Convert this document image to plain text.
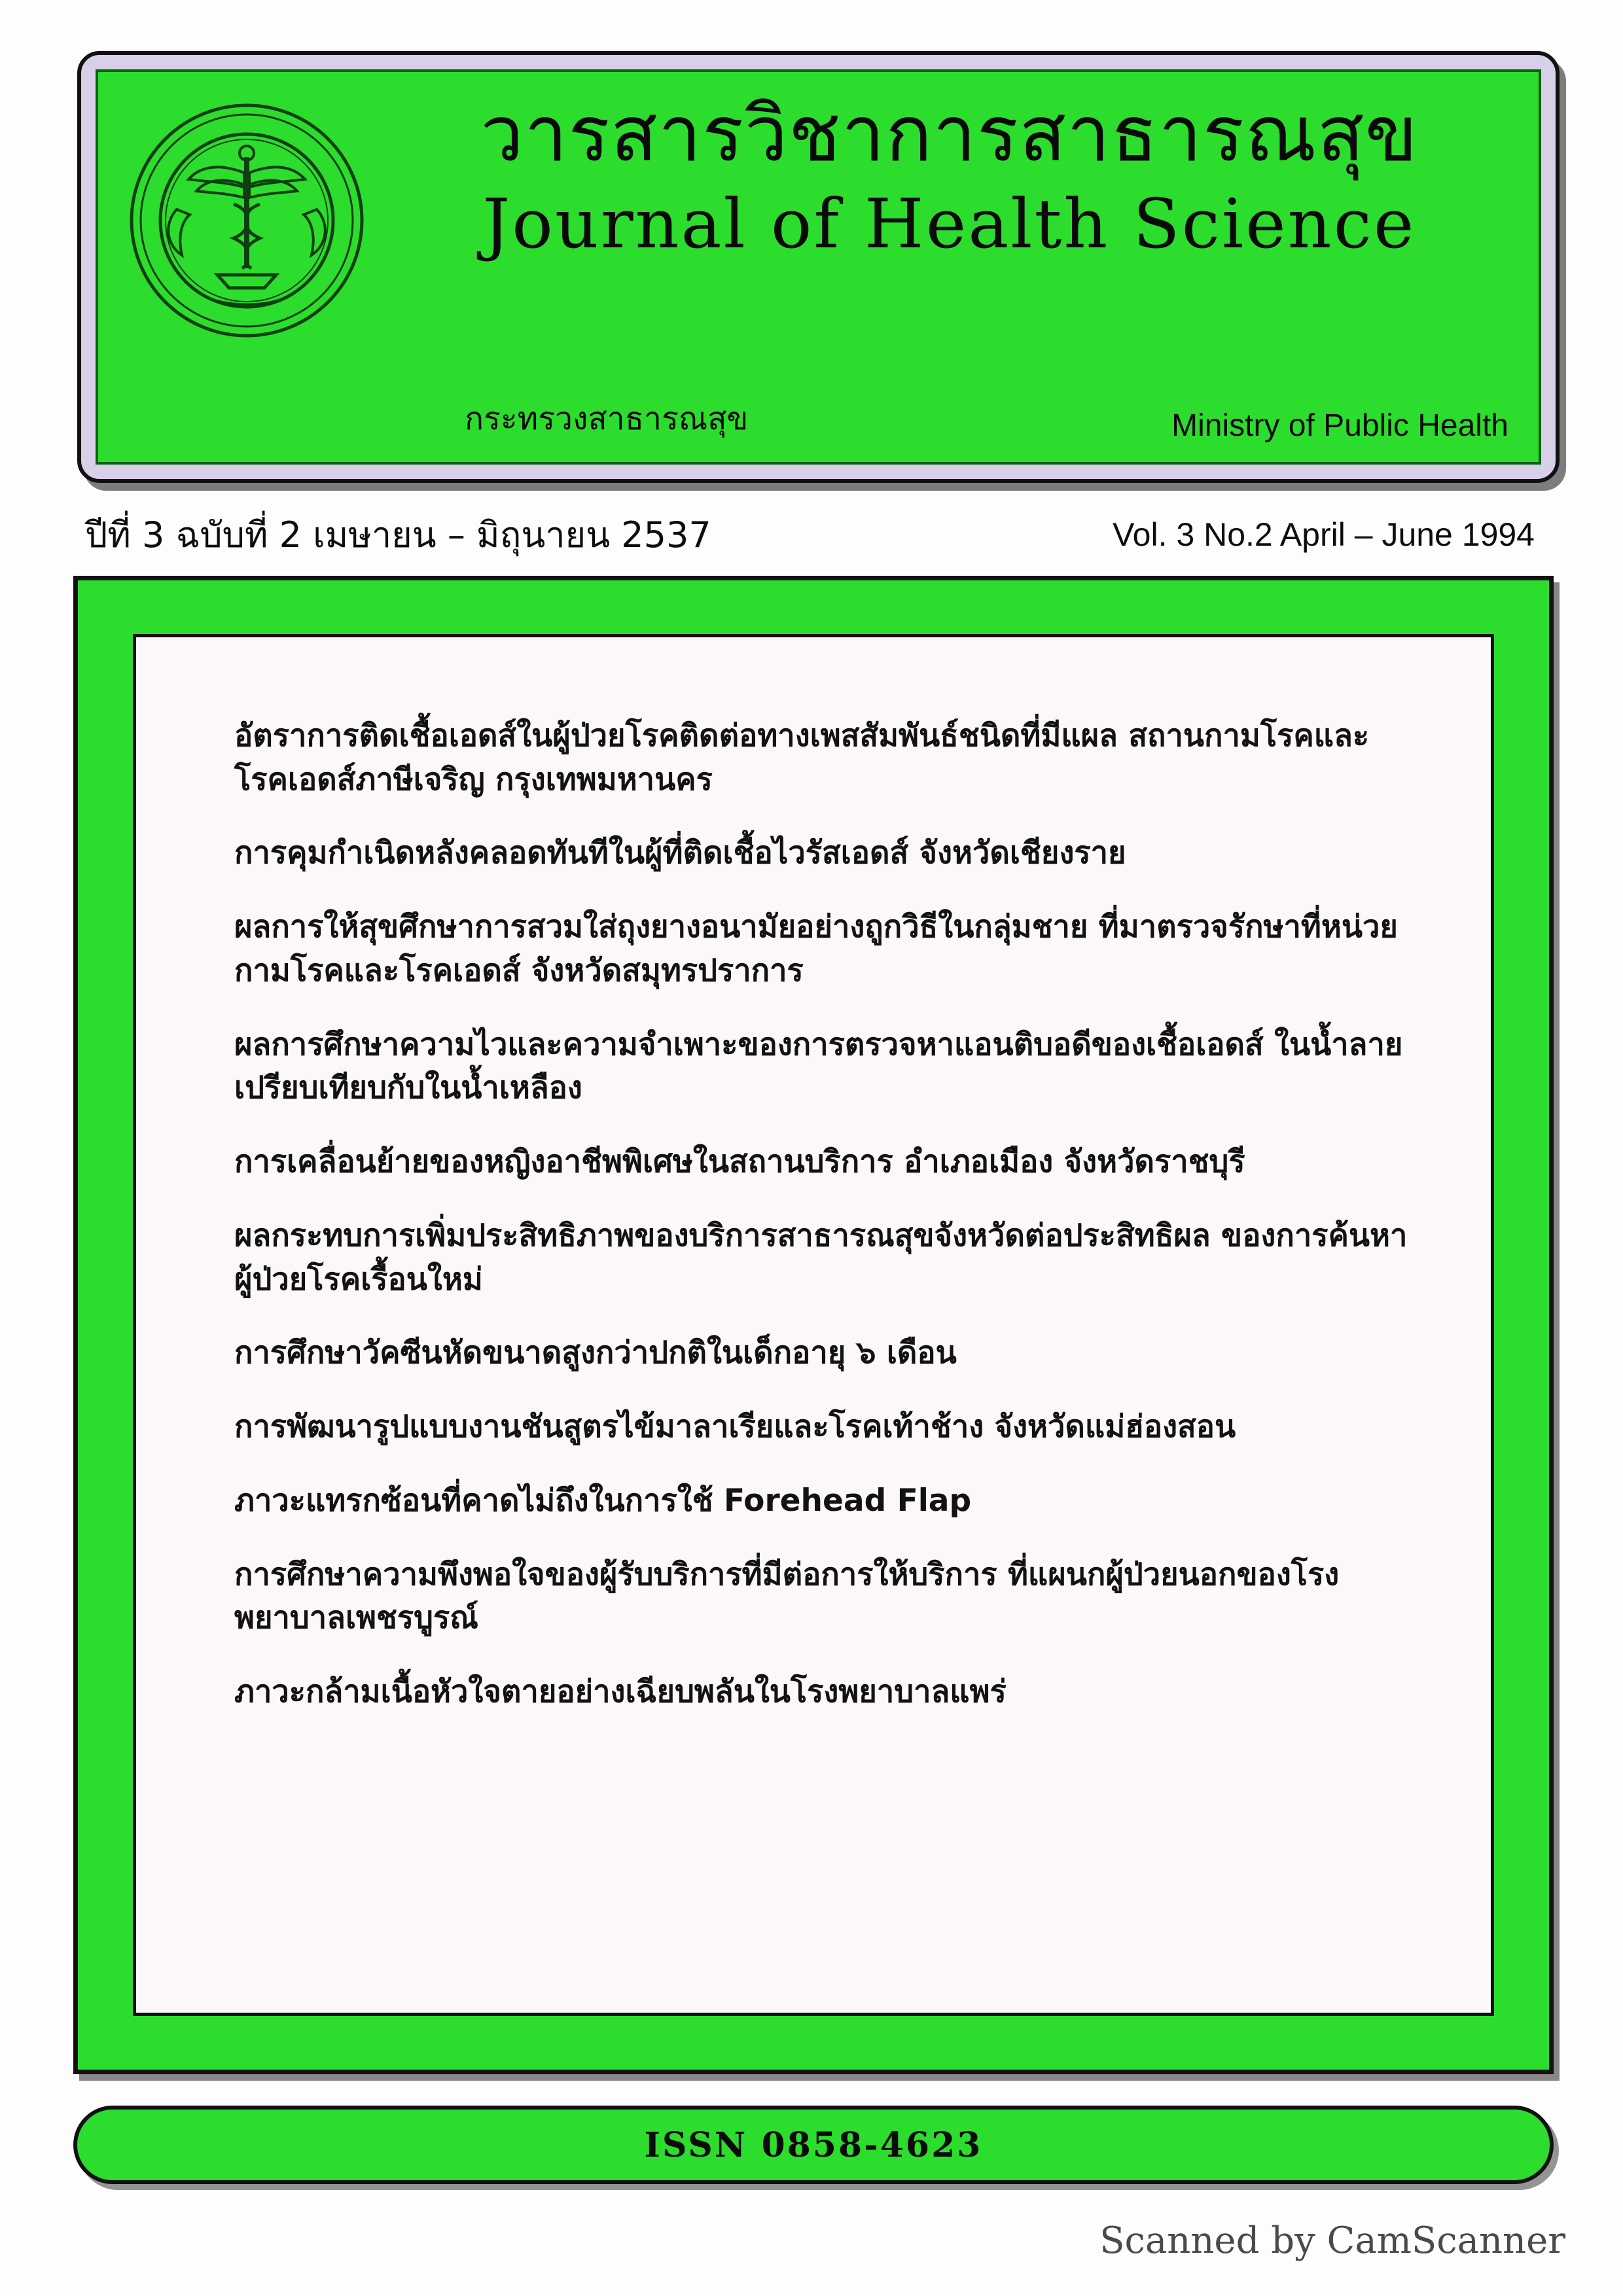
วารสารวิชาการสาธารณสุข
Journal of Health Science
กระทรวงสาธารณสุข	Ministry of Public Health
ปีที่ 3 ฉบับที่ 2 เมษายน – มิถุนายน 2537	Vol. 3 No.2 April – June 1994
อัตราการติดเชื้อเอดส์ในผู้ป่วยโรคติดต่อทางเพสสัมพันธ์ชนิดที่มีแผล สถานกามโรคและโรคเอดส์ภาษีเจริญ กรุงเทพมหานคร
การคุมกำเนิดหลังคลอดทันทีในผู้ที่ติดเชื้อไวรัสเอดส์ จังหวัดเชียงราย
ผลการให้สุขศึกษาการสวมใส่ถุงยางอนามัยอย่างถูกวิธีในกลุ่มชาย ที่มาตรวจรักษาที่หน่วยกามโรคและโรคเอดส์ จังหวัดสมุทรปราการ
ผลการศึกษาความไวและความจำเพาะของการตรวจหาแอนติบอดีของเชื้อเอดส์ ในน้ำลาย เปรียบเทียบกับในน้ำเหลือง
การเคลื่อนย้ายของหญิงอาชีพพิเศษในสถานบริการ อำเภอเมือง จังหวัดราชบุรี
ผลกระทบการเพิ่มประสิทธิภาพของบริการสาธารณสุขจังหวัดต่อประสิทธิผล ของการค้นหาผู้ป่วยโรคเรื้อนใหม่
การศึกษาวัคซีนหัดขนาดสูงกว่าปกติในเด็กอายุ ๖ เดือน
การพัฒนารูปแบบงานชันสูตรไข้มาลาเรียและโรคเท้าช้าง จังหวัดแม่ฮ่องสอน
ภาวะแทรกซ้อนที่คาดไม่ถึงในการใช้ Forehead Flap
การศึกษาความพึงพอใจของผู้รับบริการที่มีต่อการให้บริการ ที่แผนกผู้ป่วยนอกของโรงพยาบาลเพชรบูรณ์
ภาวะกล้ามเนื้อหัวใจตายอย่างเฉียบพลันในโรงพยาบาลแพร่
ISSN 0858-4623
Scanned by CamScanner
